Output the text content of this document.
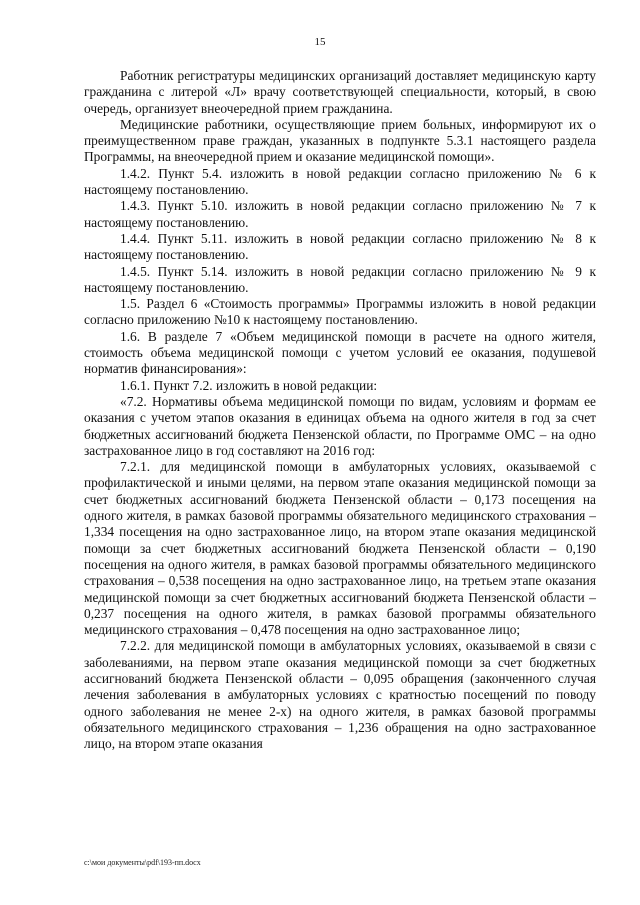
15

Работник регистратуры медицинских организаций доставляет медицинскую карту гражданина с литерой «Л» врачу соответствующей специальности, который, в свою очередь, организует внеочередной прием гражданина.

Медицинские работники, осуществляющие прием больных, информируют их о преимущественном праве граждан, указанных в подпункте 5.3.1 настоящего раздела Программы, на внеочередной прием и оказание медицинской помощи».

1.4.2. Пункт 5.4. изложить в новой редакции согласно приложению № 6 к настоящему постановлению.

1.4.3. Пункт 5.10. изложить в новой редакции согласно приложению № 7 к настоящему постановлению.

1.4.4. Пункт 5.11. изложить в новой редакции согласно приложению № 8 к настоящему постановлению.

1.4.5. Пункт 5.14. изложить в новой редакции согласно приложению № 9 к настоящему постановлению.

1.5. Раздел 6 «Стоимость программы» Программы изложить в новой редакции согласно приложению №10 к настоящему постановлению.

1.6. В разделе 7 «Объем медицинской помощи в расчете на одного жителя, стоимость объема медицинской помощи с учетом условий ее оказания, подушевой норматив финансирования»:

1.6.1. Пункт 7.2. изложить в новой редакции:

«7.2. Нормативы объема медицинской помощи по видам, условиям и формам ее оказания с учетом этапов оказания в единицах объема на одного жителя в год за счет бюджетных ассигнований бюджета Пензенской области, по Программе ОМС – на одно застрахованное лицо в год составляют на 2016 год:

7.2.1. для медицинской помощи в амбулаторных условиях, оказываемой с профилактической и иными целями, на первом этапе оказания медицинской помощи за счет бюджетных ассигнований бюджета Пензенской области – 0,173 посещения на одного жителя, в рамках базовой программы обязательного медицинского страхования – 1,334 посещения на одно застрахованное лицо, на втором этапе оказания медицинской помощи за счет бюджетных ассигнований бюджета Пензенской области – 0,190 посещения на одного жителя, в рамках базовой программы обязательного медицинского страхования – 0,538 посещения на одно застрахованное лицо, на третьем этапе оказания медицинской помощи за счет бюджетных ассигнований бюджета Пензенской области – 0,237 посещения на одного жителя, в рамках базовой программы обязательного медицинского страхования – 0,478 посещения на одно застрахованное лицо;

7.2.2. для медицинской помощи в амбулаторных условиях, оказываемой в связи с заболеваниями, на первом этапе оказания медицинской помощи за счет бюджетных ассигнований бюджета Пензенской области – 0,095 обращения (законченного случая лечения заболевания в амбулаторных условиях с кратностью посещений по поводу одного заболевания не менее 2-х) на одного жителя, в рамках базовой программы обязательного медицинского страхования – 1,236 обращения на одно застрахованное лицо, на втором этапе оказания

c:\мои документы\pdf\193-пп.docx
